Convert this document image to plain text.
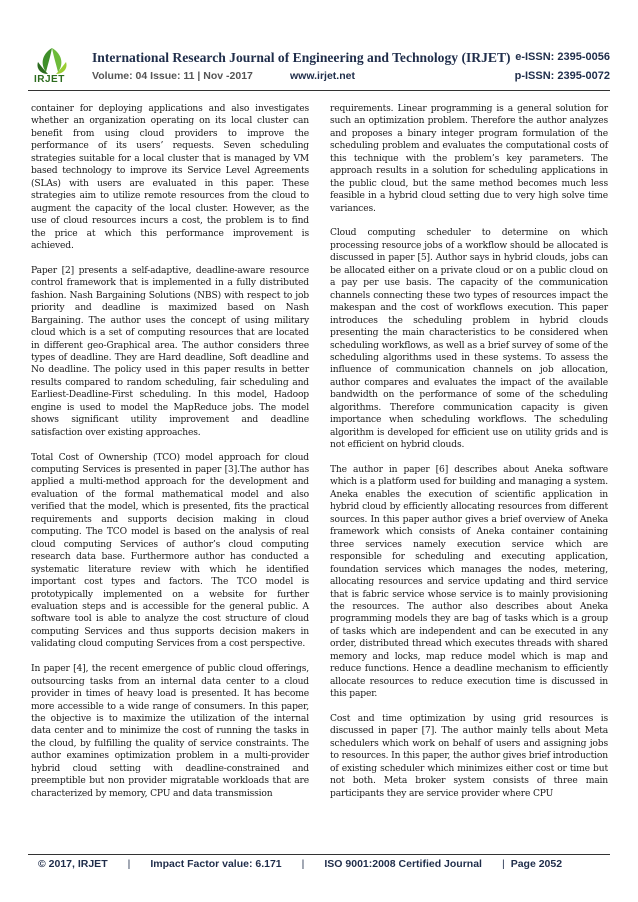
IRJET
International Research Journal of Engineering and Technology (IRJET) e-ISSN: 2395-0056
Volume: 04 Issue: 11 | Nov -2017	www.irjet.net	p-ISSN: 2395-0072

container for deploying applications and also investigates whether an organization operating on its local cluster can benefit from using cloud providers to improve the performance of its users’ requests. Seven scheduling strategies suitable for a local cluster that is managed by VM based technology to improve its Service Level Agreements (SLAs) with users are evaluated in this paper. These strategies aim to utilize remote resources from the cloud to augment the capacity of the local cluster. However, as the use of cloud resources incurs a cost, the problem is to find the price at which this performance improvement is achieved.

Paper [2] presents a self-adaptive, deadline-aware resource control framework that is implemented in a fully distributed fashion. Nash Bargaining Solutions (NBS) with respect to job priority and deadline is maximized based on Nash Bargaining. The author uses the concept of using military cloud which is a set of computing resources that are located in different geo-Graphical area. The author considers three types of deadline. They are Hard deadline, Soft deadline and No deadline. The policy used in this paper results in better results compared to random scheduling, fair scheduling and Earliest-Deadline-First scheduling. In this model, Hadoop engine is used to model the MapReduce jobs. The model shows significant utility improvement and deadline satisfaction over existing approaches.

Total Cost of Ownership (TCO) model approach for cloud computing Services is presented in paper [3].The author has applied a multi-method approach for the development and evaluation of the formal mathematical model and also verified that the model, which is presented, fits the practical requirements and supports decision making in cloud computing. The TCO model is based on the analysis of real cloud computing Services of author’s cloud computing research data base. Furthermore author has conducted a systematic literature review with which he identified important cost types and factors. The TCO model is prototypically implemented on a website for further evaluation steps and is accessible for the general public. A software tool is able to analyze the cost structure of cloud computing Services and thus supports decision makers in validating cloud computing Services from a cost perspective.

In paper [4], the recent emergence of public cloud offerings, outsourcing tasks from an internal data center to a cloud provider in times of heavy load is presented. It has become more accessible to a wide range of consumers. In this paper, the objective is to maximize the utilization of the internal data center and to minimize the cost of running the tasks in the cloud, by fulfilling the quality of service constraints. The author examines optimization problem in a multi-provider hybrid cloud setting with deadline-constrained and preemptible but non provider migratable workloads that are characterized by memory, CPU and data transmission

requirements. Linear programming is a general solution for such an optimization problem. Therefore the author analyzes and proposes a binary integer program formulation of the scheduling problem and evaluates the computational costs of this technique with the problem’s key parameters. The approach results in a solution for scheduling applications in the public cloud, but the same method becomes much less feasible in a hybrid cloud setting due to very high solve time variances.

Cloud computing scheduler to determine on which processing resource jobs of a workflow should be allocated is discussed in paper [5]. Author says in hybrid clouds, jobs can be allocated either on a private cloud or on a public cloud on a pay per use basis. The capacity of the communication channels connecting these two types of resources impact the makespan and the cost of workflows execution. This paper introduces the scheduling problem in hybrid clouds presenting the main characteristics to be considered when scheduling workflows, as well as a brief survey of some of the scheduling algorithms used in these systems. To assess the influence of communication channels on job allocation, author compares and evaluates the impact of the available bandwidth on the performance of some of the scheduling algorithms. Therefore communication capacity is given importance when scheduling workflows. The scheduling algorithm is developed for efficient use on utility grids and is not efficient on hybrid clouds.

The author in paper [6] describes about Aneka software which is a platform used for building and managing a system. Aneka enables the execution of scientific application in hybrid cloud by efficiently allocating resources from different sources. In this paper author gives a brief overview of Aneka framework which consists of Aneka container containing three services namely execution service which are responsible for scheduling and executing application, foundation services which manages the nodes, metering, allocating resources and service updating and third service that is fabric service whose service is to mainly provisioning the resources. The author also describes about Aneka programming models they are bag of tasks which is a group of tasks which are independent and can be executed in any order, distributed thread which executes threads with shared memory and locks, map reduce model which is map and reduce functions. Hence a deadline mechanism to efficiently allocate resources to reduce execution time is discussed in this paper.

Cost and time optimization by using grid resources is discussed in paper [7]. The author mainly tells about Meta schedulers which work on behalf of users and assigning jobs to resources. In this paper, the author gives brief introduction of existing scheduler which minimizes either cost or time but not both. Meta broker system consists of three main participants they are service provider where CPU

© 2017, IRJET | Impact Factor value: 6.171 | ISO 9001:2008 Certified Journal | Page 2052
